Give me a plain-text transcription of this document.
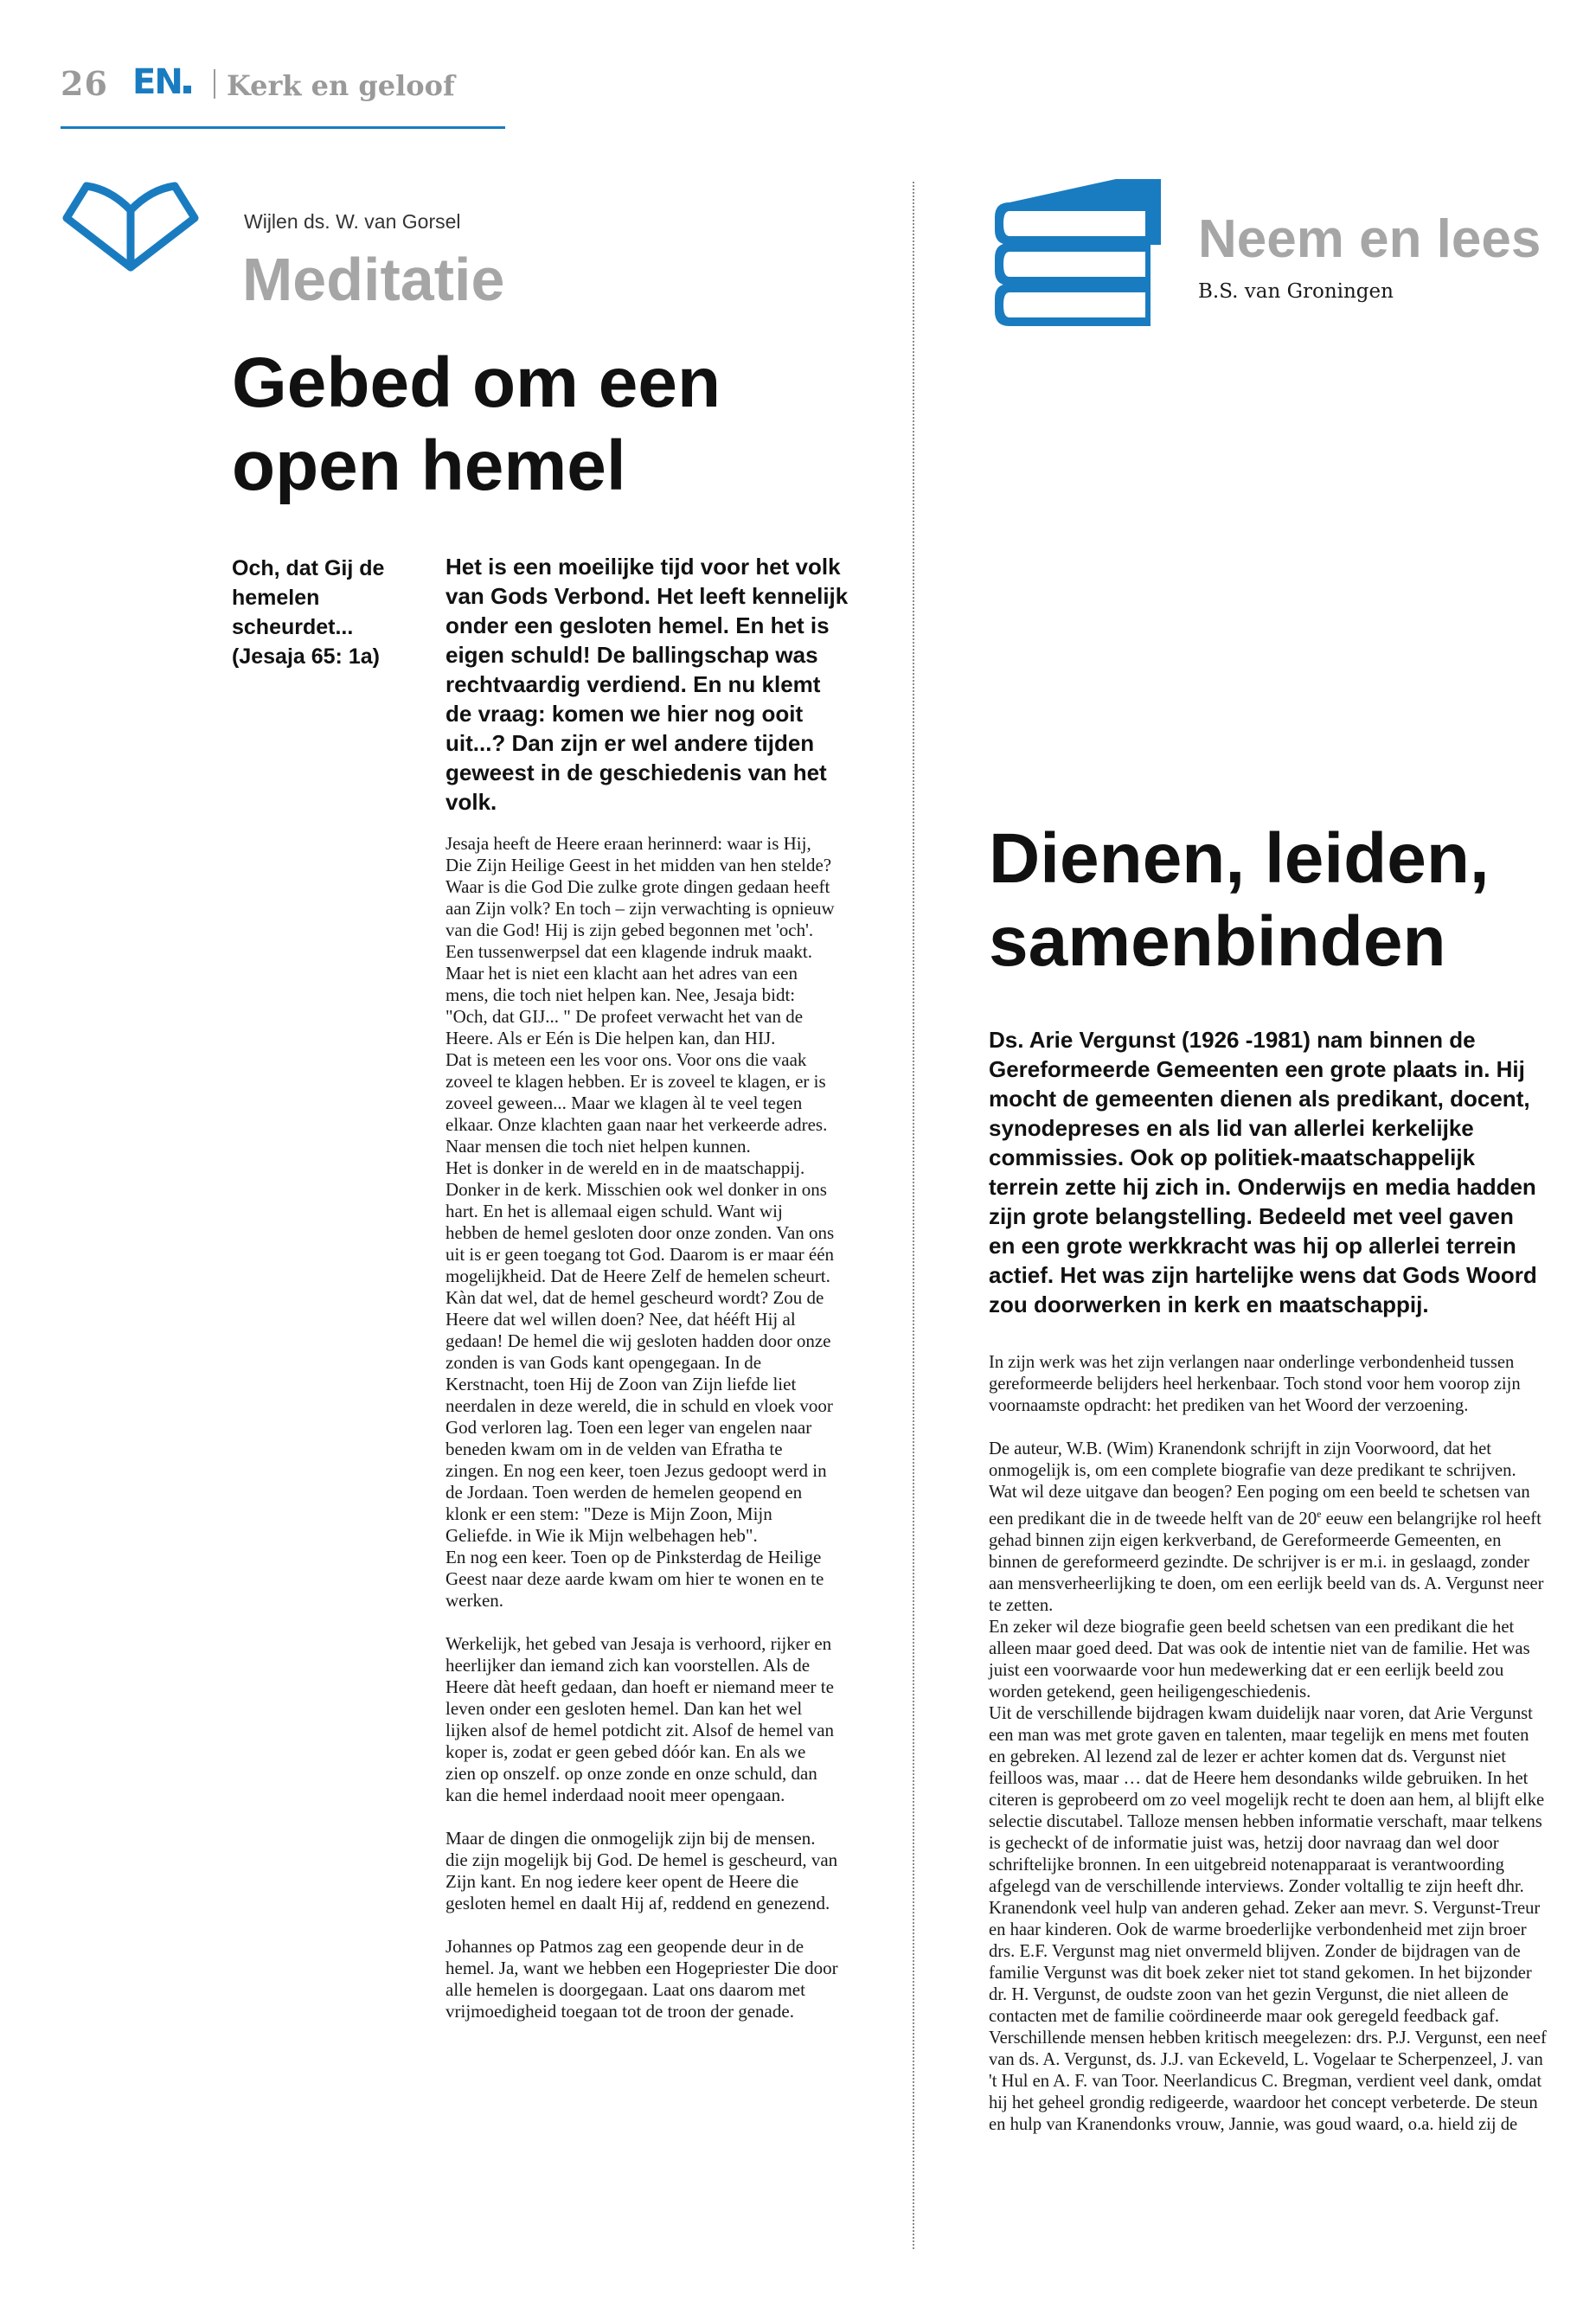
26 EN	Kerk en geloof
Wijlen ds. W. van Gorsel
Meditatie
Gebed om een open hemel
Och, dat Gij de hemelen scheurdet... (Jesaja 65: 1a)
Het is een moeilijke tijd voor het volk van Gods Verbond. Het leeft kennelijk onder een gesloten hemel. En het is eigen schuld! De ballingschap was rechtvaardig verdiend. En nu klemt de vraag: komen we hier nog ooit uit...? Dan zijn er wel andere tijden geweest in de geschiedenis van het volk.

Jesaja heeft de Heere eraan herinnerd: waar is Hij, Die Zijn Heilige Geest in het midden van hen stelde? Waar is die God Die zulke grote dingen gedaan heeft aan Zijn volk? En toch – zijn verwachting is opnieuw van die God! Hij is zijn gebed begonnen met 'och'. Een tussenwerpsel dat een klagende indruk maakt. Maar het is niet een klacht aan het adres van een mens, die toch niet helpen kan. Nee, Jesaja bidt: "Och, dat GIJ... " De profeet verwacht het van de Heere. Als er Eén is Die helpen kan, dan HIJ.

Dat is meteen een les voor ons. Voor ons die vaak zoveel te klagen hebben. Er is zoveel te klagen, er is zoveel geween... Maar we klagen àl te veel tegen elkaar. Onze klachten gaan naar het verkeerde adres. Naar mensen die toch niet helpen kunnen.

Het is donker in de wereld en in de maatschappij. Donker in de kerk. Misschien ook wel donker in ons hart. En het is allemaal eigen schuld. Want wij hebben de hemel gesloten door onze zonden. Van ons uit is er geen toegang tot God. Daarom is er maar één mogelijkheid. Dat de Heere Zelf de hemelen scheurt. Kàn dat wel, dat de hemel gescheurd wordt? Zou de Heere dat wel willen doen? Nee, dat hééft Hij al gedaan! De hemel die wij gesloten hadden door onze zonden is van Gods kant opengegaan. In de Kerstnacht, toen Hij de Zoon van Zijn liefde liet neerdalen in deze wereld, die in schuld en vloek voor God verloren lag. Toen een leger van engelen naar beneden kwam om in de velden van Efratha te zingen. En nog een keer, toen Jezus gedoopt werd in de Jordaan. Toen werden de hemelen geopend en klonk er een stem: "Deze is Mijn Zoon, Mijn Geliefde. in Wie ik Mijn welbehagen heb".

En nog een keer. Toen op de Pinksterdag de Heilige Geest naar deze aarde kwam om hier te wonen en te werken.

Werkelijk, het gebed van Jesaja is verhoord, rijker en heerlijker dan iemand zich kan voorstellen. Als de Heere dàt heeft gedaan, dan hoeft er niemand meer te leven onder een gesloten hemel. Dan kan het wel lijken alsof de hemel potdicht zit. Alsof de hemel van koper is, zodat er geen gebed dóór kan. En als we zien op onszelf. op onze zonde en onze schuld, dan kan die hemel inderdaad nooit meer opengaan.

Maar de dingen die onmogelijk zijn bij de mensen. die zijn mogelijk bij God. De hemel is gescheurd, van Zijn kant. En nog iedere keer opent de Heere die gesloten hemel en daalt Hij af, reddend en genezend.

Johannes op Patmos zag een geopende deur in de hemel. Ja, want we hebben een Hogepriester Die door alle hemelen is doorgegaan. Laat ons daarom met vrijmoedigheid toegaan tot de troon der genade.

Neem en lees
B.S. van Groningen
Dienen, leiden, samenbinden
Ds. Arie Vergunst (1926 -1981) nam binnen de Gereformeerde Gemeenten een grote plaats in. Hij mocht de gemeenten dienen als predikant, docent, synodepreses en als lid van allerlei kerkelijke commissies. Ook op politiek-maatschappelijk terrein zette hij zich in. Onderwijs en media hadden zijn grote belangstelling. Bedeeld met veel gaven en een grote werkkracht was hij op allerlei terrein actief. Het was zijn hartelijke wens dat Gods Woord zou doorwerken in kerk en maatschappij.

In zijn werk was het zijn verlangen naar onderlinge verbondenheid tussen gereformeerde belijders heel herkenbaar. Toch stond voor hem voorop zijn voornaamste opdracht: het prediken van het Woord der verzoening.

De auteur, W.B. (Wim) Kranendonk schrijft in zijn Voorwoord, dat het onmogelijk is, om een complete biografie van deze predikant te schrijven. Wat wil deze uitgave dan beogen? Een poging om een beeld te schetsen van een predikant die in de tweede helft van de 20e eeuw een belangrijke rol heeft gehad binnen zijn eigen kerkverband, de Gereformeerde Gemeenten, en binnen de gereformeerd gezindte. De schrijver is er m.i. in geslaagd, zonder aan mensverheerlijking te doen, om een eerlijk beeld van ds. A. Vergunst neer te zetten.

En zeker wil deze biografie geen beeld schetsen van een predikant die het alleen maar goed deed. Dat was ook de intentie niet van de familie. Het was juist een voorwaarde voor hun medewerking dat er een eerlijk beeld zou worden getekend, geen heiligengeschiedenis.

Uit de verschillende bijdragen kwam duidelijk naar voren, dat Arie Vergunst een man was met grote gaven en talenten, maar tegelijk en mens met fouten en gebreken. Al lezend zal de lezer er achter komen dat ds. Vergunst niet feilloos was, maar … dat de Heere hem desondanks wilde gebruiken. In het citeren is geprobeerd om zo veel mogelijk recht te doen aan hem, al blijft elke selectie discutabel. Talloze mensen hebben informatie verschaft, maar telkens is gecheckt of de informatie juist was, hetzij door navraag dan wel door schriftelijke bronnen. In een uitgebreid notenapparaat is verantwoording afgelegd van de verschillende interviews. Zonder voltallig te zijn heeft dhr. Kranendonk veel hulp van anderen gehad. Zeker aan mevr. S. Vergunst-Treur en haar kinderen. Ook de warme broederlijke verbondenheid met zijn broer drs. E.F. Vergunst mag niet onvermeld blijven. Zonder de bijdragen van de familie Vergunst was dit boek zeker niet tot stand gekomen. In het bijzonder dr. H. Vergunst, de oudste zoon van het gezin Vergunst, die niet alleen de contacten met de familie coördineerde maar ook geregeld feedback gaf. Verschillende mensen hebben kritisch meegelezen: drs. P.J. Vergunst, een neef van ds. A. Vergunst, ds. J.J. van Eckeveld, L. Vogelaar te Scherpenzeel, J. van 't Hul en A. F. van Toor. Neerlandicus C. Bregman, verdient veel dank, omdat hij het geheel grondig redigeerde, waardoor het concept verbeterde. De steun en hulp van Kranendonks vrouw, Jannie, was goud waard, o.a. hield zij de
